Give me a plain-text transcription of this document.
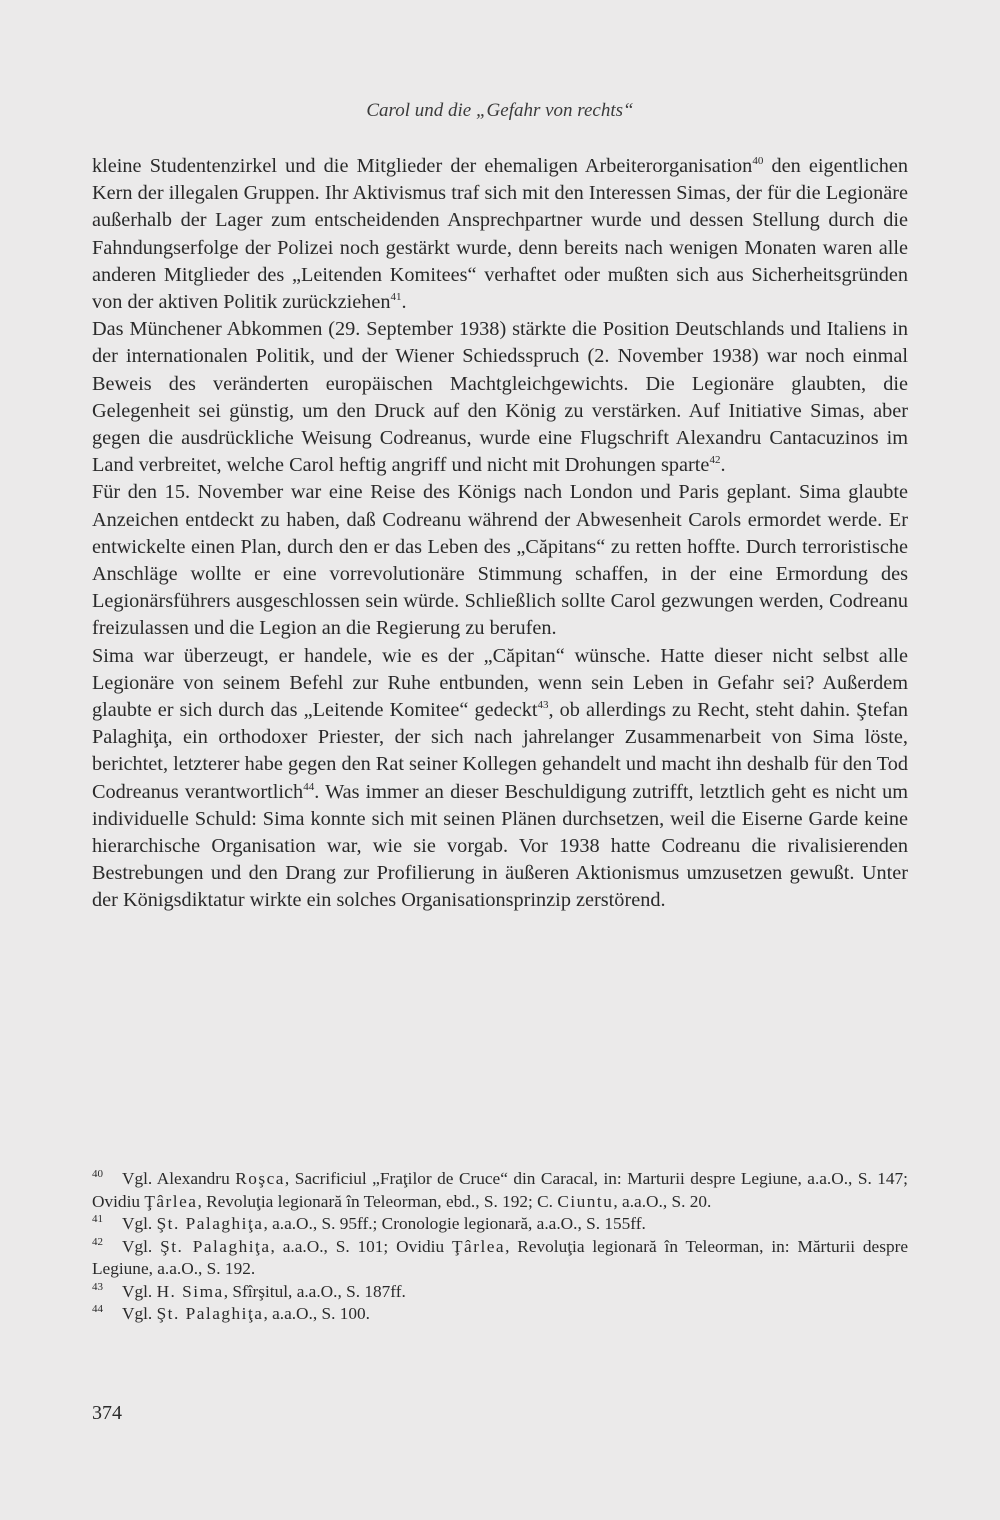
Carol und die „Gefahr von rechts“

kleine Studentenzirkel und die Mitglieder der ehemaligen Arbeiterorganisation$^{40}$ den eigentlichen Kern der illegalen Gruppen. Ihr Aktivismus traf sich mit den Interessen Simas, der für die Legionäre außerhalb der Lager zum entscheidenden Ansprechpartner wurde und dessen Stellung durch die Fahndungserfolge der Polizei noch gestärkt wurde, denn bereits nach wenigen Monaten waren alle anderen Mitglieder des „Leitenden Komitees“ verhaftet oder mußten sich aus Sicherheitsgründen von der aktiven Politik zurückziehen$^{41}$.

Das Münchener Abkommen (29. September 1938) stärkte die Position Deutschlands und Italiens in der internationalen Politik, und der Wiener Schiedsspruch (2. November 1938) war noch einmal Beweis des veränderten europäischen Machtgleichgewichts. Die Legionäre glaubten, die Gelegenheit sei günstig, um den Druck auf den König zu verstärken. Auf Initiative Simas, aber gegen die ausdrückliche Weisung Codreanus, wurde eine Flugschrift Alexandru Cantacuzinos im Land verbreitet, welche Carol heftig angriff und nicht mit Drohungen sparte$^{42}$.

Für den 15. November war eine Reise des Königs nach London und Paris geplant. Sima glaubte Anzeichen entdeckt zu haben, daß Codreanu während der Abwesenheit Carols ermordet werde. Er entwickelte einen Plan, durch den er das Leben des „Căpitans“ zu retten hoffte. Durch terroristische Anschläge wollte er eine vorrevolutionäre Stimmung schaffen, in der eine Ermordung des Legionärsführers ausgeschlossen sein würde. Schließlich sollte Carol gezwungen werden, Codreanu freizulassen und die Legion an die Regierung zu berufen.

Sima war überzeugt, er handele, wie es der „Căpitan“ wünsche. Hatte dieser nicht selbst alle Legionäre von seinem Befehl zur Ruhe entbunden, wenn sein Leben in Gefahr sei? Außerdem glaubte er sich durch das „Leitende Komitee“ gedeckt$^{43}$, ob allerdings zu Recht, steht dahin. Ştefan Palaghiţa, ein orthodoxer Priester, der sich nach jahrelanger Zusammenarbeit von Sima löste, berichtet, letzterer habe gegen den Rat seiner Kollegen gehandelt und macht ihn deshalb für den Tod Codreanus verantwortlich$^{44}$. Was immer an dieser Beschuldigung zutrifft, letztlich geht es nicht um individuelle Schuld: Sima konnte sich mit seinen Plänen durchsetzen, weil die Eiserne Garde keine hierarchische Organisation war, wie sie vorgab. Vor 1938 hatte Codreanu die rivalisierenden Bestrebungen und den Drang zur Profilierung in äußeren Aktionismus umzusetzen gewußt. Unter der Königsdiktatur wirkte ein solches Organisationsprinzip zerstörend.

40 Vgl. Alexandru Roşca, Sacrificiul „Fraţilor de Cruce“ din Caracal, in: Marturii despre Legiune, a.a.O., S. 147; Ovidiu Ţârlea, Revoluţia legionară în Teleorman, ebd., S. 192; C. Ciuntu, a.a.O., S. 20.

41 Vgl. Şt. Palaghiţa, a.a.O., S. 95ff.; Cronologie legionară, a.a.O., S. 155ff.

42 Vgl. Şt. Palaghiţa, a.a.O., S. 101; Ovidiu Ţârlea, Revoluţia legionară în Teleorman, in: Mărturii despre Legiune, a.a.O., S. 192.

43 Vgl. H. Sima, Sfîrşitul, a.a.O., S. 187ff.

44 Vgl. Şt. Palaghiţa, a.a.O., S. 100.

374
